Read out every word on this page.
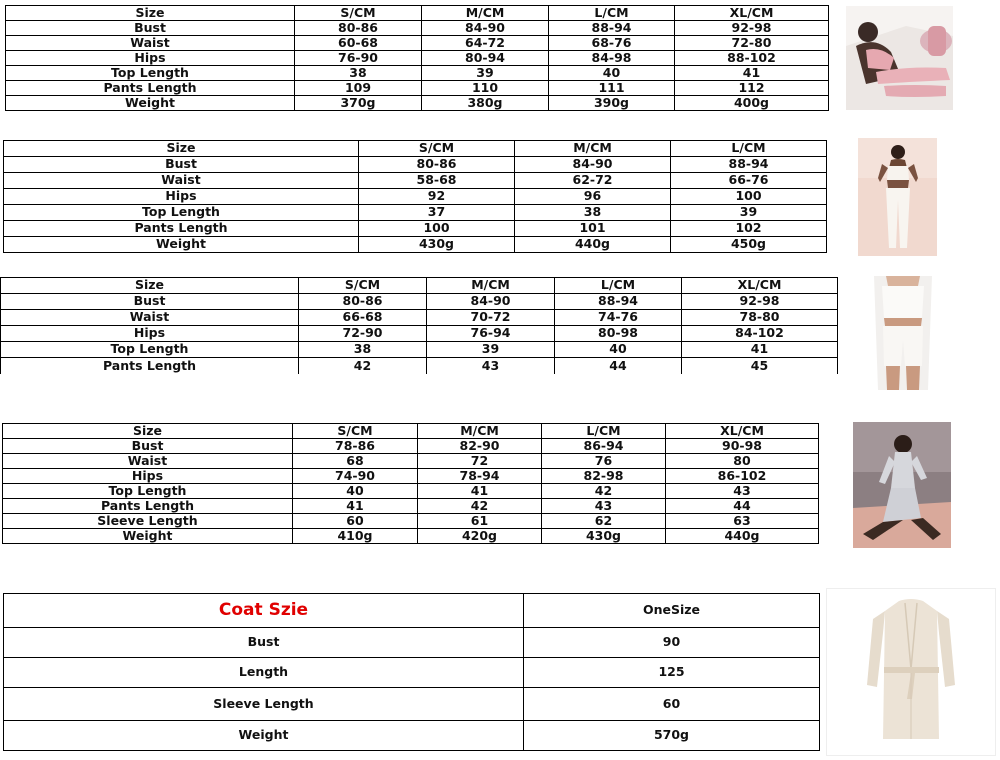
Size	S/CM	M/CM	L/CM	XL/CM
Bust	80-86	84-90	88-94	92-98
Waist	60-68	64-72	68-76	72-80
Hips	76-90	80-94	84-98	88-102
Top Length	38	39	40	41
Pants Length	109	110	111	112
Weight	370g	380g	390g	400g
Size	S/CM	M/CM	L/CM
Bust	80-86	84-90	88-94
Waist	58-68	62-72	66-76
Hips	92	96	100
Top Length	37	38	39
Pants Length	100	101	102
Weight	430g	440g	450g
Size	S/CM	M/CM	L/CM	XL/CM
Bust	80-86	84-90	88-94	92-98
Waist	66-68	70-72	74-76	78-80
Hips	72-90	76-94	80-98	84-102
Top Length	38	39	40	41
Pants Length	42	43	44	45
Size	S/CM	M/CM	L/CM	XL/CM
Bust	78-86	82-90	86-94	90-98
Waist	68	72	76	80
Hips	74-90	78-94	82-98	86-102
Top Length	40	41	42	43
Pants Length	41	42	43	44
Sleeve Length	60	61	62	63
Weight	410g	420g	430g	440g
Coat Szie	OneSize
Bust	90
Length	125
Sleeve Length	60
Weight	570g
